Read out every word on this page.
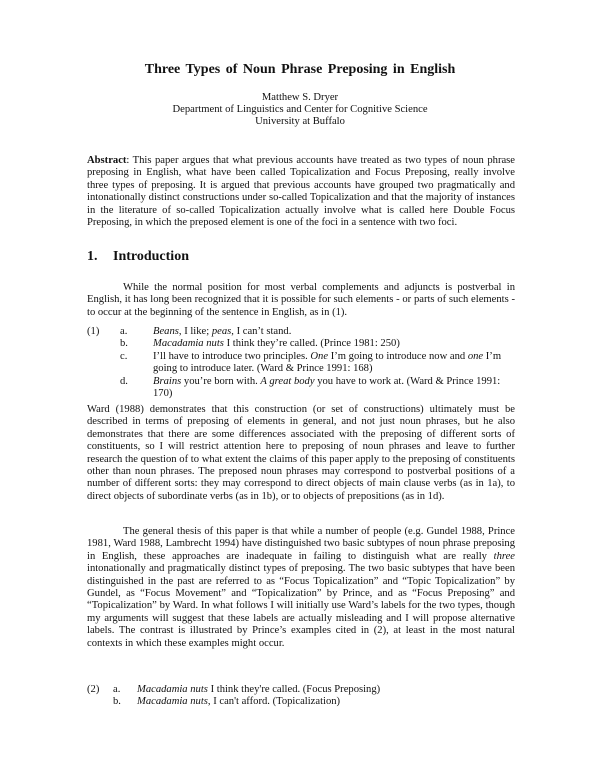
Three Types of Noun Phrase Preposing in English
Matthew S. Dryer
Department of Linguistics and Center for Cognitive Science
University at Buffalo
Abstract: This paper argues that what previous accounts have treated as two types of noun phrase preposing in English, what have been called Topicalization and Focus Preposing, really involve three types of preposing. It is argued that previous accounts have grouped two pragmatically and intonationally distinct constructions under so-called Topicalization and that the majority of instances in the literature of so-called Topicalization actually involve what is called here Double Focus Preposing, in which the preposed element is one of the foci in a sentence with two foci.
1. Introduction
While the normal position for most verbal complements and adjuncts is postverbal in English, it has long been recognized that it is possible for such elements - or parts of such elements - to occur at the beginning of the sentence in English, as in (1).
(1) a. Beans, I like; peas, I can’t stand.
b. Macadamia nuts I think they’re called. (Prince 1981: 250)
c. I’ll have to introduce two principles. One I’m going to introduce now and one I’m going to introduce later. (Ward & Prince 1991: 168)
d. Brains you’re born with. A great body you have to work at. (Ward & Prince 1991: 170)
Ward (1988) demonstrates that this construction (or set of constructions) ultimately must be described in terms of preposing of elements in general, and not just noun phrases, but he also demonstrates that there are some differences associated with the preposing of different sorts of constituents, so I will restrict attention here to preposing of noun phrases and leave to further research the question of to what extent the claims of this paper apply to the preposing of constituents other than noun phrases. The preposed noun phrases may correspond to postverbal positions of a number of different sorts: they may correspond to direct objects of main clause verbs (as in 1a), to direct objects of subordinate verbs (as in 1b), or to objects of prepositions (as in 1d).
The general thesis of this paper is that while a number of people (e.g. Gundel 1988, Prince 1981, Ward 1988, Lambrecht 1994) have distinguished two basic subtypes of noun phrase preposing in English, these approaches are inadequate in failing to distinguish what are really three intonationally and pragmatically distinct types of preposing. The two basic subtypes that have been distinguished in the past are referred to as “Focus Topicalization” and “Topic Topicalization” by Gundel, as “Focus Movement” and “Topicalization” by Prince, and as “Focus Preposing” and “Topicalization” by Ward. In what follows I will initially use Ward’s labels for the two types, though my arguments will suggest that these labels are actually misleading and I will propose alternative labels. The contrast is illustrated by Prince’s examples cited in (2), at least in the most natural contexts in which these examples might occur.
(2) a. Macadamia nuts I think they're called. (Focus Preposing)
b. Macadamia nuts, I can't afford. (Topicalization)
